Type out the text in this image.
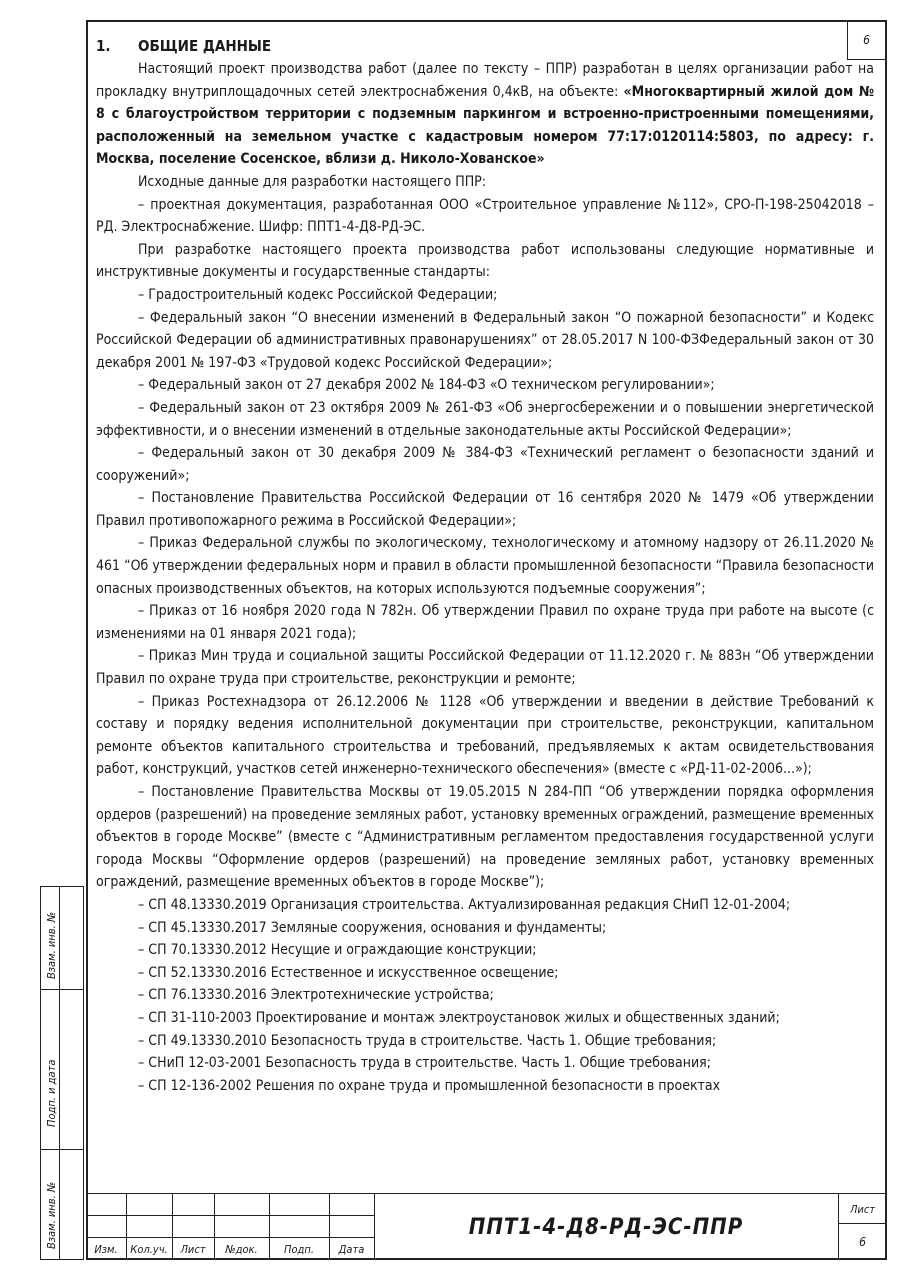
6
1. ОБЩИЕ ДАННЫЕ

Настоящий проект производства работ (далее по тексту – ППР) разработан в целях организации работ на прокладку внутриплощадочных сетей электроснабжения 0,4кВ, на объекте: «Многоквартирный жилой дом № 8 с благоустройством территории с подземным паркингом и встроенно-пристроенными помещениями, расположенный на земельном участке с кадастровым номером 77:17:0120114:5803, по адресу: г. Москва, поселение Сосенское, вблизи д. Николо-Хованское»

Исходные данные для разработки настоящего ППР:

– проектная документация, разработанная ООО «Строительное управление №112», СРО-П-198-25042018 – РД. Электроснабжение. Шифр: ППТ1-4-Д8-РД-ЭС.

При разработке настоящего проекта производства работ использованы следующие нормативные и инструктивные документы и государственные стандарты:

– Градостроительный кодекс Российской Федерации;

– Федеральный закон “О внесении изменений в Федеральный закон “О пожарной безопасности” и Кодекс Российской Федерации об административных правонарушениях” от 28.05.2017 N 100-ФЗФедеральный закон от 30 декабря 2001 № 197-ФЗ «Трудовой кодекс Российской Федерации»;

– Федеральный закон от 27 декабря 2002 № 184-ФЗ «О техническом регулировании»;

– Федеральный закон от 23 октября 2009 № 261-ФЗ «Об энергосбережении и о повышении энергетической эффективности, и о внесении изменений в отдельные законодательные акты Российской Федерации»;

– Федеральный закон от 30 декабря 2009 № 384-ФЗ «Технический регламент о безопасности зданий и сооружений»;

– Постановление Правительства Российской Федерации от 16 сентября 2020 № 1479 «Об утверждении Правил противопожарного режима в Российской Федерации»;

– Приказ Федеральной службы по экологическому, технологическому и атомному надзору от 26.11.2020 № 461 “Об утверждении федеральных норм и правил в области промышленной безопасности “Правила безопасности опасных производственных объектов, на которых используются подъемные сооружения”;

– Приказ от 16 ноября 2020 года N 782н. Об утверждении Правил по охране труда при работе на высоте (с изменениями на 01 января 2021 года);

– Приказ Мин труда и социальной защиты Российской Федерации от 11.12.2020 г. № 883н “Об утверждении Правил по охране труда при строительстве, реконструкции и ремонте;

– Приказ Ростехнадзора от 26.12.2006 № 1128 «Об утверждении и введении в действие Требований к составу и порядку ведения исполнительной документации при строительстве, реконструкции, капитальном ремонте объектов капитального строительства и требований, предъявляемых к актам освидетельствования работ, конструкций, участков сетей инженерно-технического обеспечения» (вместе с «РД-11-02-2006...»);

– Постановление Правительства Москвы от 19.05.2015 N 284-ПП “Об утверждении порядка оформления ордеров (разрешений) на проведение земляных работ, установку временных ограждений, размещение временных объектов в городе Москве” (вместе с “Административным регламентом предоставления государственной услуги города Москвы “Оформление ордеров (разрешений) на проведение земляных работ, установку временных ограждений, размещение временных объектов в городе Москве”);

– СП 48.13330.2019 Организация строительства. Актуализированная редакция СНиП 12-01-2004;

– СП 45.13330.2017 Земляные сооружения, основания и фундаменты;

– СП 70.13330.2012 Несущие и ограждающие конструкции;

– СП 52.13330.2016 Естественное и искусственное освещение;

– СП 76.13330.2016 Электротехнические устройства;

– СП 31-110-2003 Проектирование и монтаж электроустановок жилых и общественных зданий;

– СП 49.13330.2010 Безопасность труда в строительстве. Часть 1. Общие требования;

– СНиП 12-03-2001 Безопасность труда в строительстве. Часть 1. Общие требования;

– СП 12-136-2002 Решения по охране труда и промышленной безопасности в проектах

Взам. инв. №
Подп. и дата
Взам. инв. №
Изм.	Кол.уч.	Лист	№док.	Подп.	Дата
ППТ1-4-Д8-РД-ЭС-ППР
Лист
6
